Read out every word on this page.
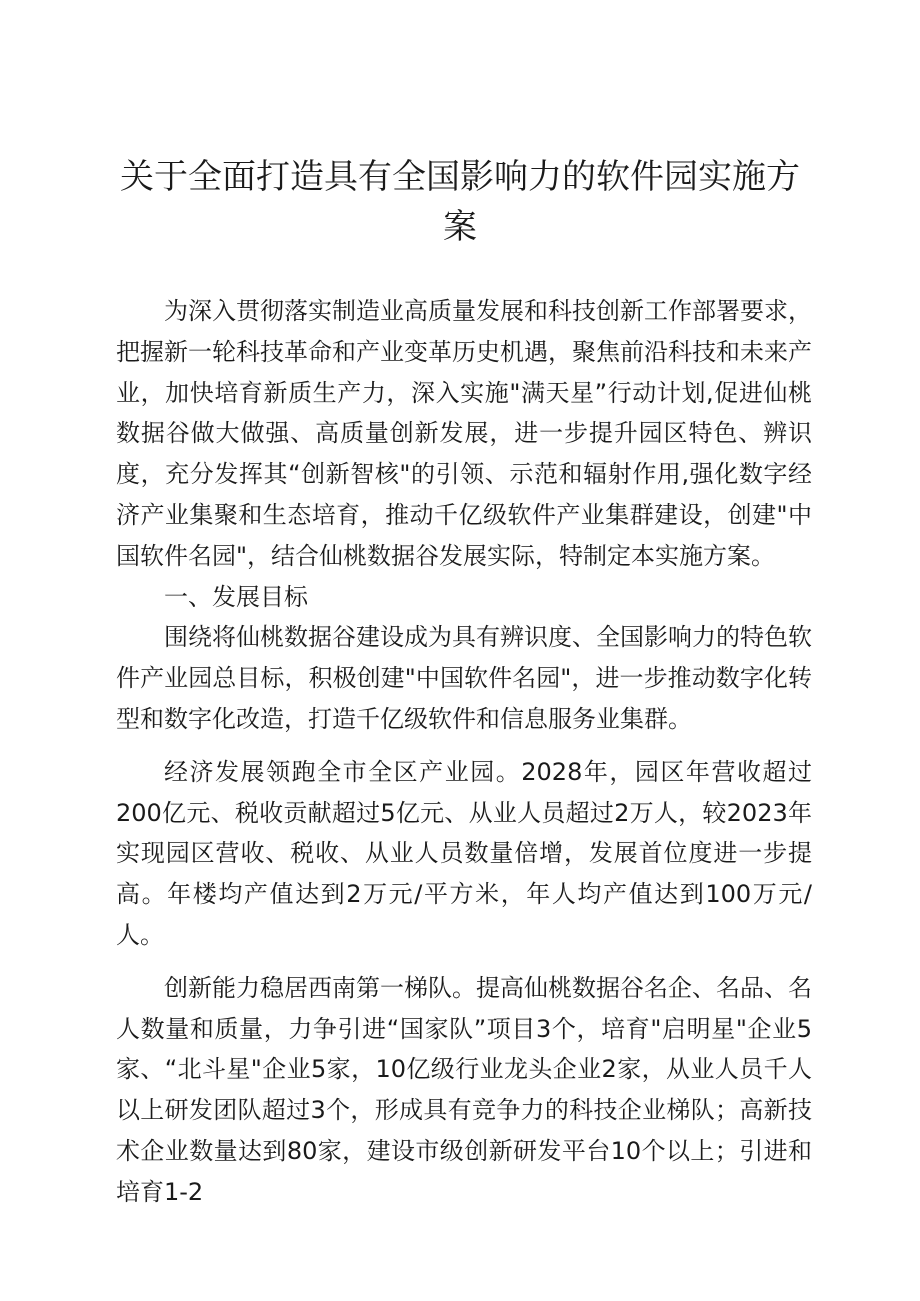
关于全面打造具有全国影响力的软件园实施方案

为深入贯彻落实制造业高质量发展和科技创新工作部署要求，把握新一轮科技革命和产业变革历史机遇，聚焦前沿科技和未来产业，加快培育新质生产力，深入实施"满天星”行动计划,促进仙桃数据谷做大做强、高质量创新发展，进一步提升园区特色、辨识度，充分发挥其“创新智核"的引领、示范和辐射作用,强化数字经济产业集聚和生态培育，推动千亿级软件产业集群建设，创建"中国软件名园"，结合仙桃数据谷发展实际，特制定本实施方案。

一、发展目标

围绕将仙桃数据谷建设成为具有辨识度、全国影响力的特色软件产业园总目标，积极创建"中国软件名园"，进一步推动数字化转型和数字化改造，打造千亿级软件和信息服务业集群。

经济发展领跑全市全区产业园。2028年，园区年营收超过200亿元、税收贡献超过5亿元、从业人员超过2万人，较2023年实现园区营收、税收、从业人员数量倍增，发展首位度进一步提高。年楼均产值达到2万元/平方米，年人均产值达到100万元/人。

创新能力稳居西南第一梯队。提高仙桃数据谷名企、名品、名人数量和质量，力争引进“国家队”项目3个，培育"启明星"企业5家、“北斗星"企业5家，10亿级行业龙头企业2家，从业人员千人以上研发团队超过3个，形成具有竞争力的科技企业梯队；高新技术企业数量达到80家，建设市级创新研发平台10个以上；引进和培育1-2
